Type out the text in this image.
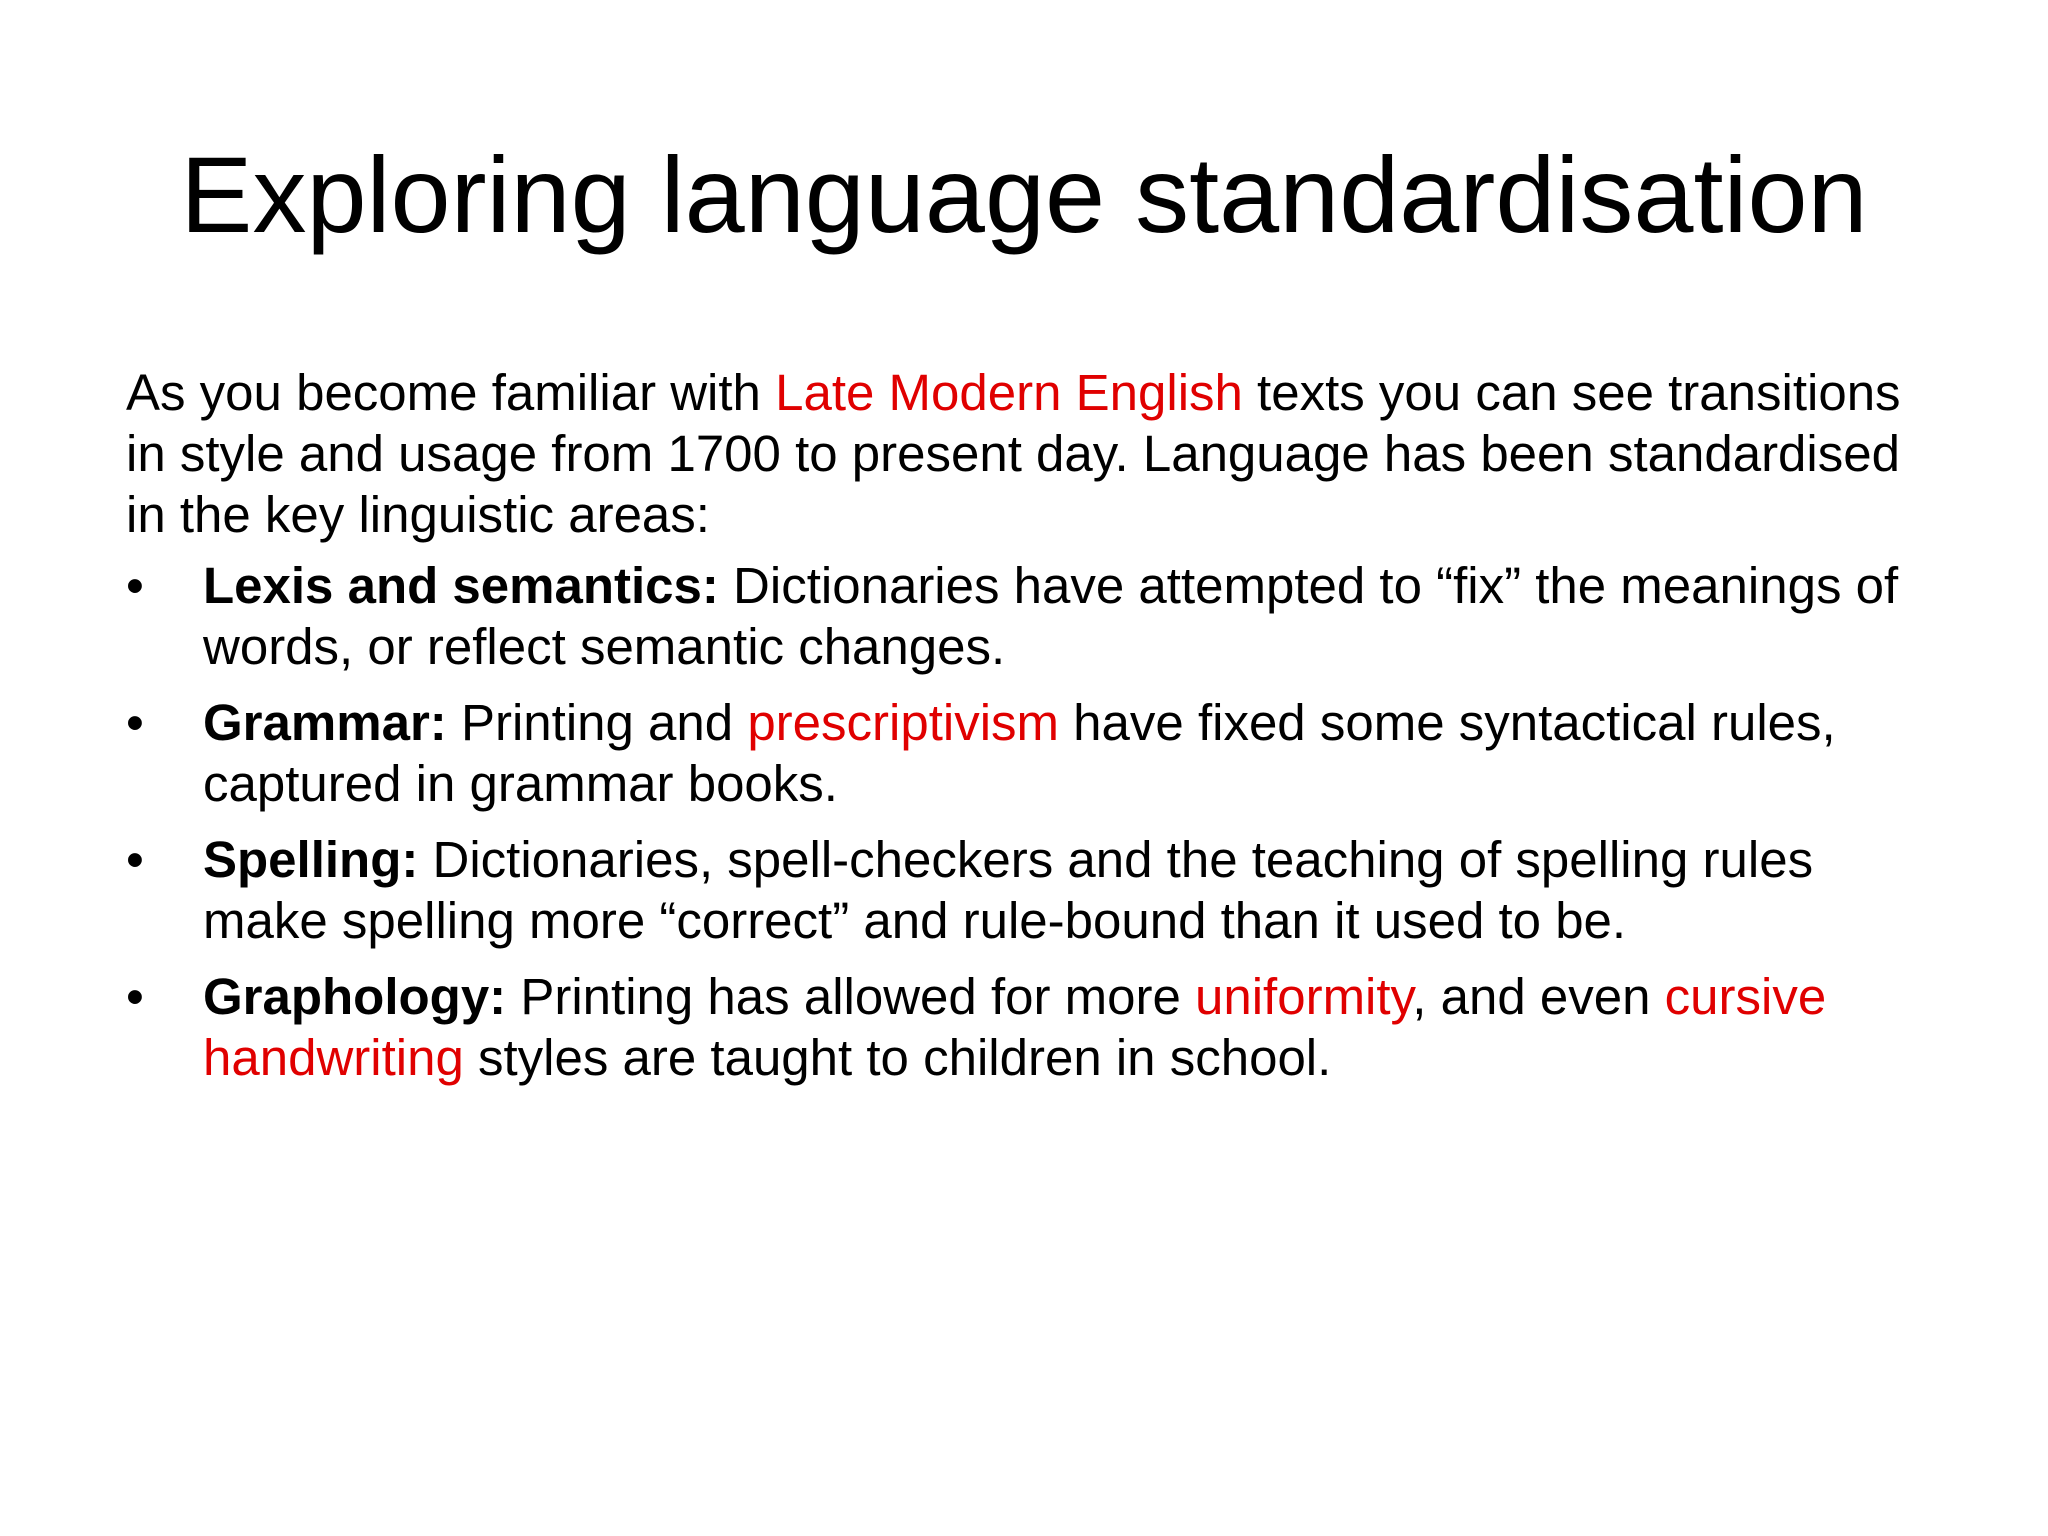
Exploring language standardisation

As you become familiar with Late Modern English texts you can see transitions in style and usage from 1700 to present day. Language has been standardised in the key linguistic areas:

• Lexis and semantics: Dictionaries have attempted to “fix” the meanings of words, or reflect semantic changes.
• Grammar: Printing and prescriptivism have fixed some syntactical rules, captured in grammar books.
• Spelling: Dictionaries, spell-checkers and the teaching of spelling rules make spelling more “correct” and rule-bound than it used to be.
• Graphology: Printing has allowed for more uniformity, and even cursive handwriting styles are taught to children in school.
